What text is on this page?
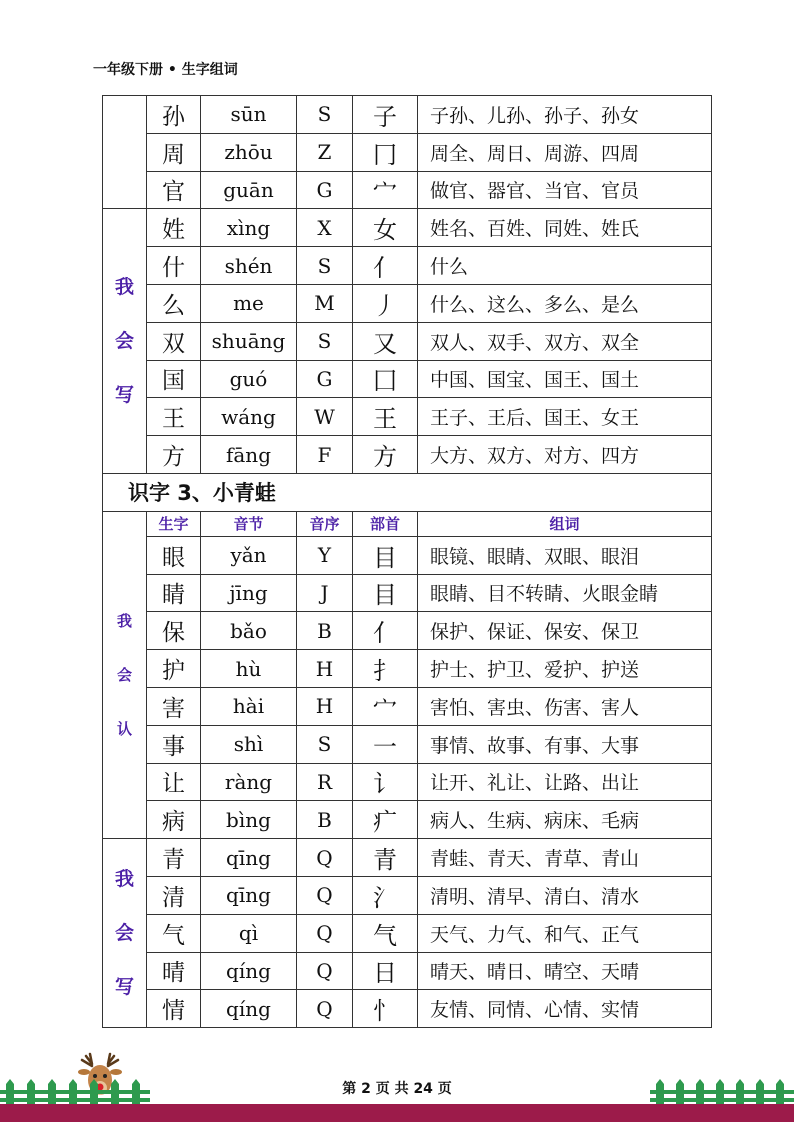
一年级下册 • 生字组词
	孙	sūn	S	子	子孙、儿孙、孙子、孙女
	周	zhōu	Z	冂	周全、周日、周游、四周
	官	guān	G	宀	做官、器官、当官、官员

我
会
写	姓	xìng	X	女	姓名、百姓、同姓、姓氏
	什	shén	S	亻	什么
	么	me	M	丿	什么、这么、多么、是么
	双	shuāng	S	又	双人、双手、双方、双全
	国	guó	G	囗	中国、国宝、国王、国土
	王	wáng	W	王	王子、王后、国王、女王
	方	fāng	F	方	大方、双方、对方、四方
识字 3、小青蛙					

我
会
认	生字	音节	音序	部首	组词
	眼	yǎn	Y	目	眼镜、眼睛、双眼、眼泪
	睛	jīng	J	目	眼睛、目不转睛、火眼金睛
	保	bǎo	B	亻	保护、保证、保安、保卫
	护	hù	H	扌	护士、护卫、爱护、护送
	害	hài	H	宀	害怕、害虫、伤害、害人
	事	shì	S	一	事情、故事、有事、大事
	让	ràng	R	讠	让开、礼让、让路、出让
	病	bìng	B	疒	病人、生病、病床、毛病

我
会
写	青	qīng	Q	青	青蛙、青天、青草、青山
	清	qīng	Q	氵	清明、清早、清白、清水
	气	qì	Q	气	天气、力气、和气、正气
	晴	qíng	Q	日	晴天、晴日、晴空、天晴
	情	qíng	Q	忄	友情、同情、心情、实情
第 2 页 共 24 页
